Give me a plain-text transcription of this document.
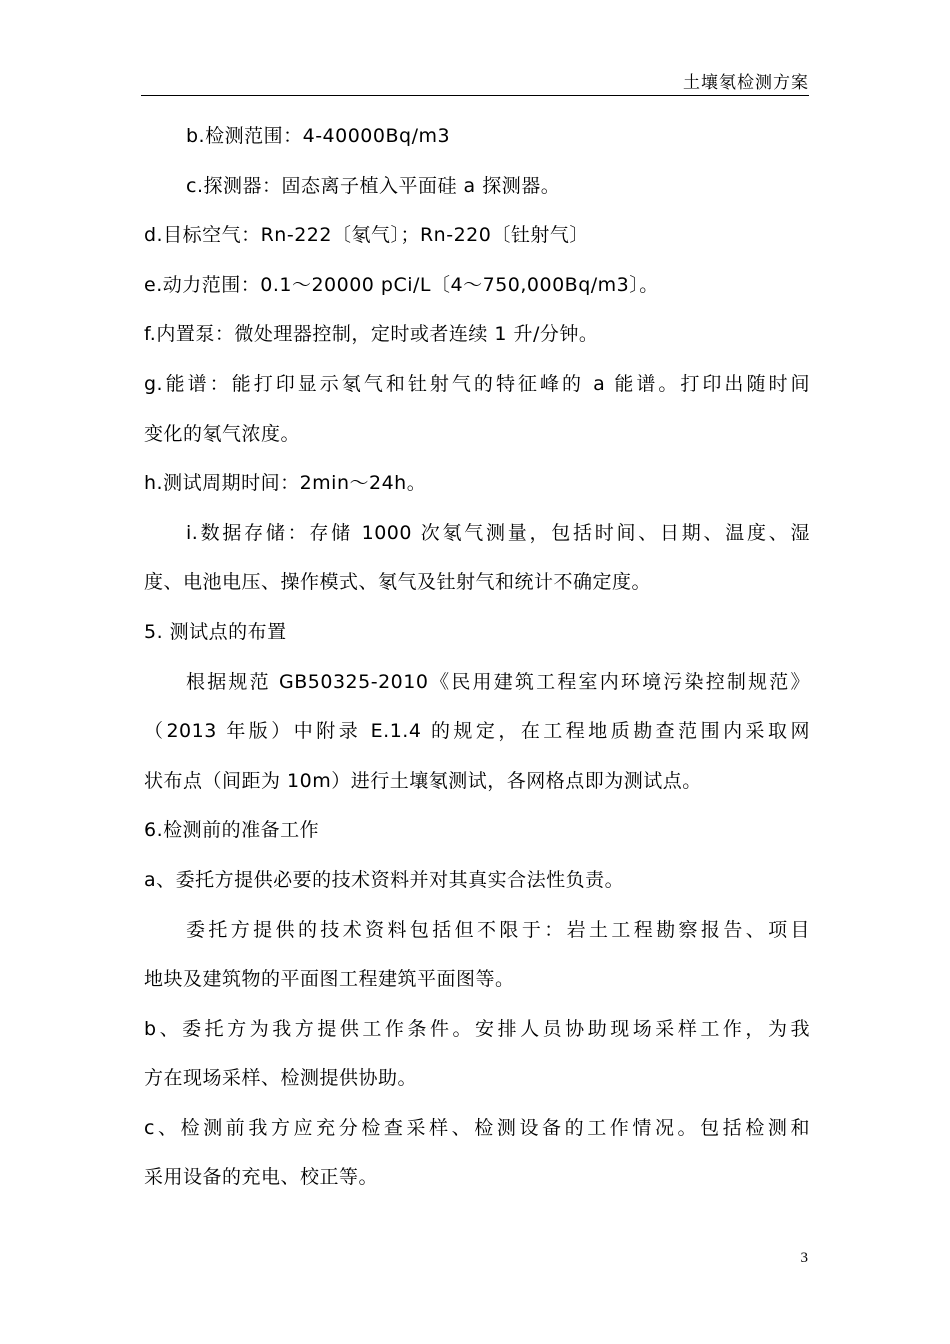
土壤氡检测方案
b.检测范围：4-40000Bq/m3
c.探测器：固态离子植入平面硅 a 探测器。
d.目标空气：Rn-222〔氡气〕；Rn-220〔钍射气〕
e.动力范围：0.1～20000 pCi/L〔4～750,000Bq/m3〕。
f.内置泵：微处理器控制，定时或者连续 1 升/分钟。
g.能谱：能打印显示氡气和钍射气的特征峰的 a 能谱。打印出随时间
变化的氡气浓度。
h.测试周期时间：2min～24h。
i.数据存储：存储 1000 次氡气测量，包括时间、日期、温度、湿
度、电池电压、操作模式、氡气及钍射气和统计不确定度。
5. 测试点的布置
根据规范 GB50325-2010《民用建筑工程室内环境污染控制规范》
（2013 年版）中附录 E.1.4 的规定，在工程地质勘查范围内采取网
状布点（间距为 10m）进行土壤氡测试，各网格点即为测试点。
6.检测前的准备工作
a、委托方提供必要的技术资料并对其真实合法性负责。
委托方提供的技术资料包括但不限于：岩土工程勘察报告、项目
地块及建筑物的平面图工程建筑平面图等。
b、委托方为我方提供工作条件。安排人员协助现场采样工作，为我
方在现场采样、检测提供协助。
c、检测前我方应充分检查采样、检测设备的工作情况。包括检测和
采用设备的充电、校正等。
3
